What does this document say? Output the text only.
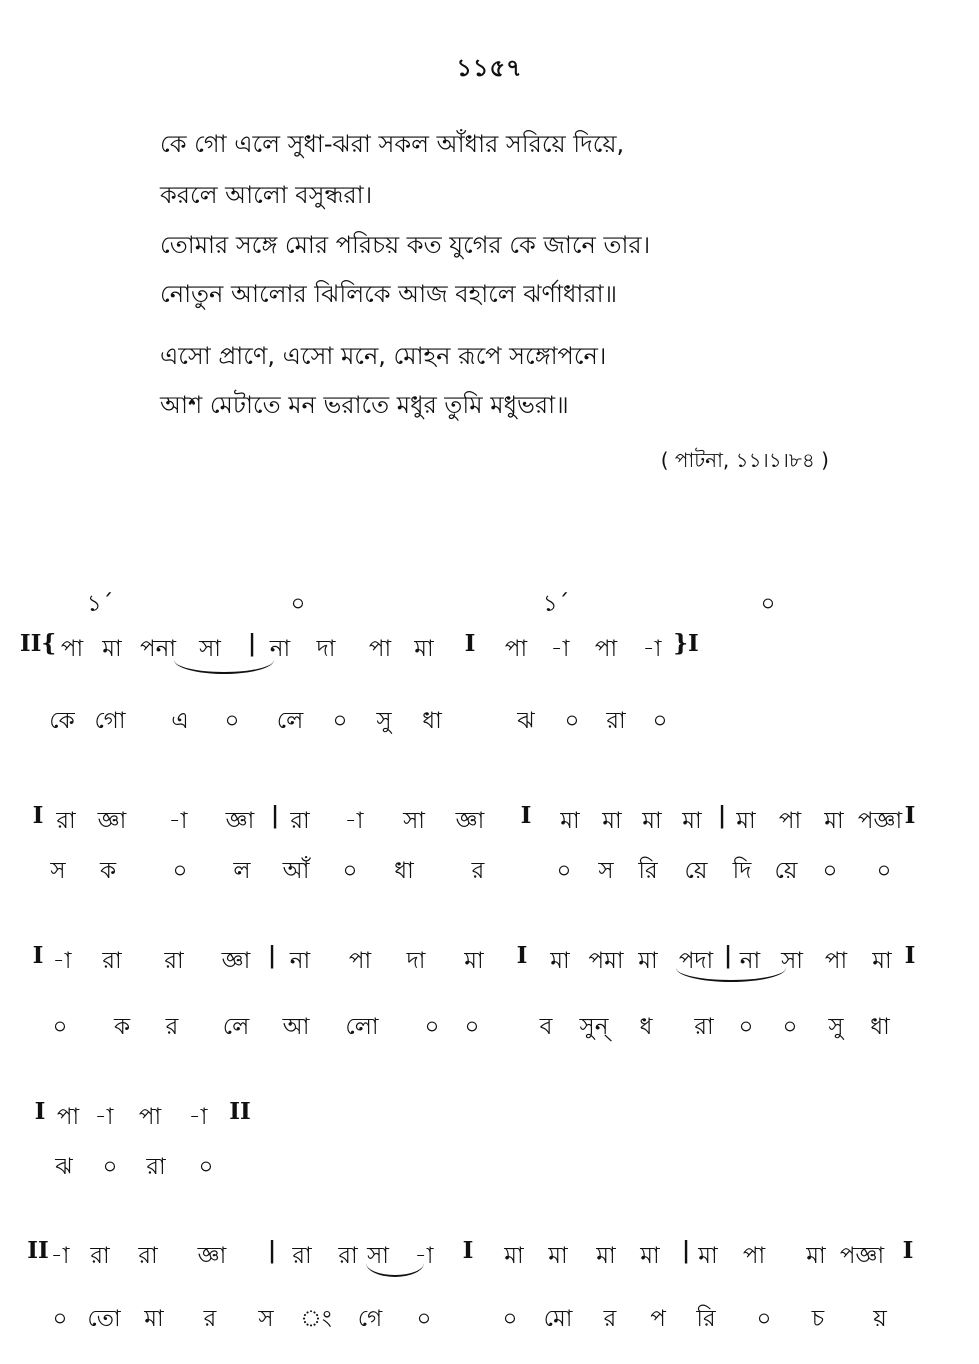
১১৫৭
কে গো এলে সুধা-ঝরা সকল আঁধার সরিয়ে দিয়ে,
করলে আলো বসুন্ধরা।
তোমার সঙ্গে মোর পরিচয় কত যুগের কে জানে তার।
নোতুন আলোর ঝিলিকে আজ বহালে ঝর্ণাধারা॥
এসো প্রাণে, এসো মনে, মোহন রূপে সঙ্গোপনে।
আশ মেটাতে মন ভরাতে মধুর তুমি মধুভরা॥
( পাটনা, ১১।১।৮৪ )
১´	০	১´	০
II{ পা মা পনা সা | না দা পা মা I পা -া পা -া }I
কে গো এ ০ লে ০ সু ধা	ঝ ০ রা ০
I রা জ্ঞা -া জ্ঞা | রা -া সা জ্ঞা I মা মা মা মা | মা পা মা পজ্ঞা I
স ক ০ ল আঁ ০ ধা	র	০ স রি য়ে দি য়ে ০ ০
I -া রা রা জ্ঞা | না পা দা মা I মা পমা মা পদা | না সা পা মা I
০ ক র লে আ লো ০ ০	ব সুন্ ধ রা ০ ০ সু ধা
I পা -া পা -া II
ঝ ০ রা ০
II -া রা রা জ্ঞা | রা রা সা -া I মা মা মা মা | মা পা মা পজ্ঞা I
০ তো মা র স ং গে ০	০ মো র প রি ০ চ য়
